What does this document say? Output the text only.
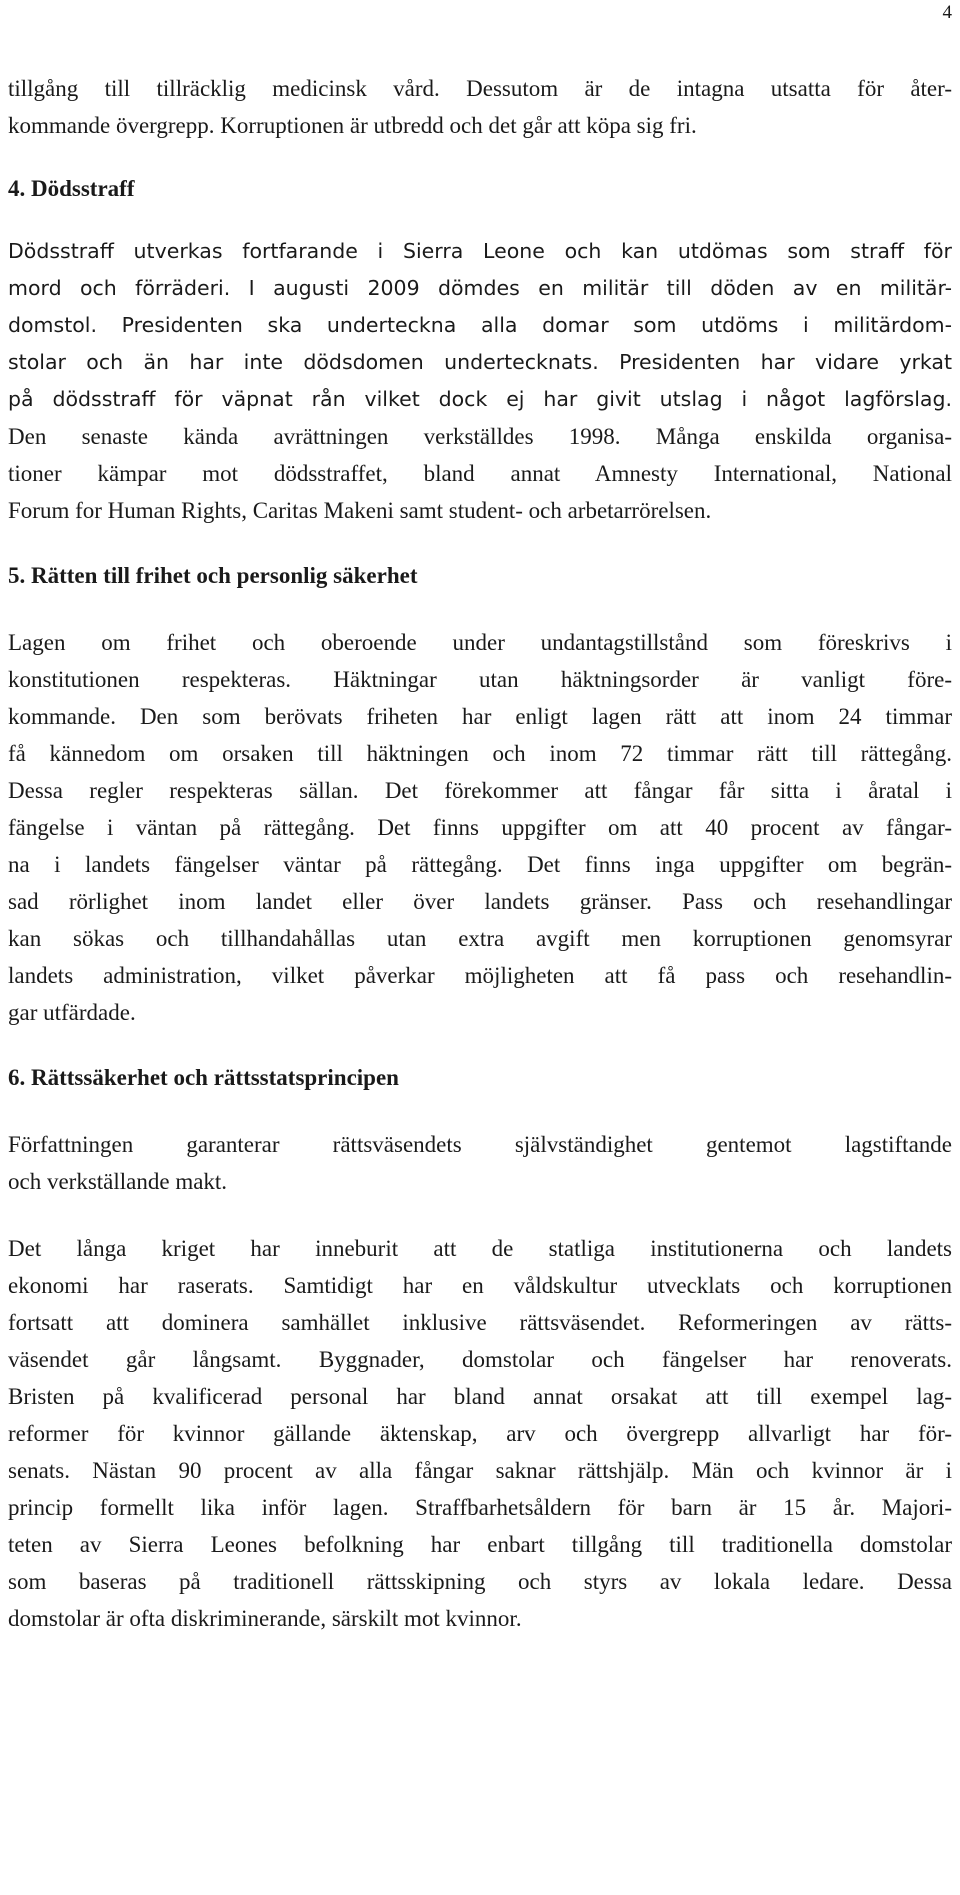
4
tillgång till tillräcklig medicinsk vård. Dessutom är de intagna utsatta för åter-
kommande övergrepp. Korruptionen är utbredd och det går att köpa sig fri.
4. Dödsstraff
Dödsstraff utverkas fortfarande i Sierra Leone och kan utdömas som straff för
mord och förräderi. I augusti 2009 dömdes en militär till döden av en militär-
domstol. Presidenten ska underteckna alla domar som utdöms i militärdom-
stolar och än har inte dödsdomen undertecknats. Presidenten har vidare yrkat
på dödsstraff för väpnat rån vilket dock ej har givit utslag i något lagförslag.
Den senaste kända avrättningen verkställdes 1998. Många enskilda organisa-
tioner kämpar mot dödsstraffet, bland annat Amnesty International, National
Forum for Human Rights, Caritas Makeni samt student- och arbetarrörelsen.
5. Rätten till frihet och personlig säkerhet
Lagen om frihet och oberoende under undantagstillstånd som föreskrivs i
konstitutionen respekteras. Häktningar utan häktningsorder är vanligt före-
kommande. Den som berövats friheten har enligt lagen rätt att inom 24 timmar
få kännedom om orsaken till häktningen och inom 72 timmar rätt till rättegång.
Dessa regler respekteras sällan. Det förekommer att fångar får sitta i åratal i
fängelse i väntan på rättegång. Det finns uppgifter om att 40 procent av fångar-
na i landets fängelser väntar på rättegång. Det finns inga uppgifter om begrän-
sad rörlighet inom landet eller över landets gränser. Pass och resehandlingar
kan sökas och tillhandahållas utan extra avgift men korruptionen genomsyrar
landets administration, vilket påverkar möjligheten att få pass och resehandlin-
gar utfärdade.
6. Rättssäkerhet och rättsstatsprincipen
Författningen garanterar rättsväsendets självständighet gentemot lagstiftande
och verkställande makt.
Det långa kriget har inneburit att de statliga institutionerna och landets
ekonomi har raserats. Samtidigt har en våldskultur utvecklats och korruptionen
fortsatt att dominera samhället inklusive rättsväsendet. Reformeringen av rätts-
väsendet går långsamt. Byggnader, domstolar och fängelser har renoverats.
Bristen på kvalificerad personal har bland annat orsakat att till exempel lag-
reformer för kvinnor gällande äktenskap, arv och övergrepp allvarligt har för-
senats. Nästan 90 procent av alla fångar saknar rättshjälp. Män och kvinnor är i
princip formellt lika inför lagen. Straffbarhetsåldern för barn är 15 år. Majori-
teten av Sierra Leones befolkning har enbart tillgång till traditionella domstolar
som baseras på traditionell rättsskipning och styrs av lokala ledare. Dessa
domstolar är ofta diskriminerande, särskilt mot kvinnor.
